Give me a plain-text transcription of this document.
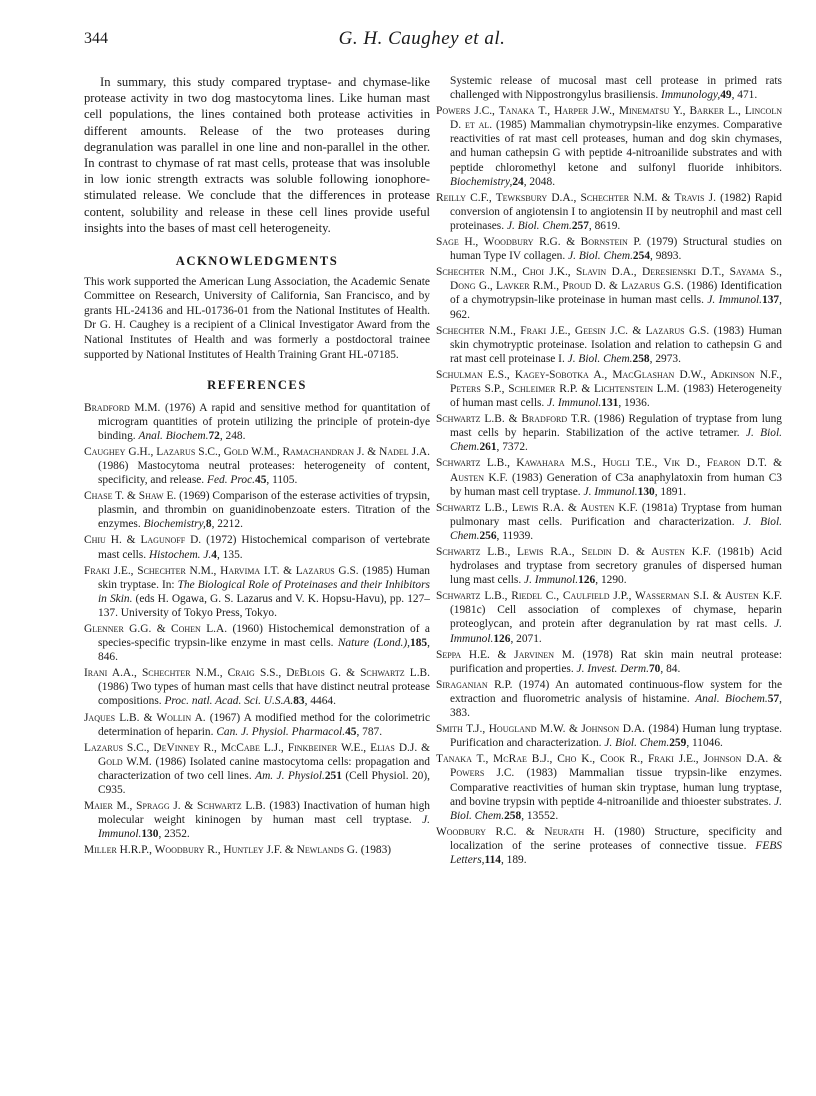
344	G. H. Caughey et al.

In summary, this study compared tryptase- and chymase-like protease activity in two dog mastocytoma lines. Like human mast cell populations, the lines contained both protease activities in different amounts. Release of the two proteases during degranulation was parallel in one line and non-parallel in the other. In contrast to chymase of rat mast cells, protease that was insoluble in low ionic strength extracts was soluble following ionophore-stimulated release. We conclude that the differences in protease content, solubility and release in these cell lines provide useful insights into the bases of mast cell heterogeneity.

ACKNOWLEDGMENTS

This work supported the American Lung Association, the Academic Senate Committee on Research, University of California, San Francisco, and by grants HL-24136 and HL-01736-01 from the National Institutes of Health. Dr G. H. Caughey is a recipient of a Clinical Investigator Award from the National Institutes of Health and was formerly a postdoctoral trainee supported by National Institutes of Health Training Grant HL-07185.

REFERENCES

Bradford M.M. (1976) A rapid and sensitive method for quantitation of microgram quantities of protein utilizing the principle of protein-dye binding. Anal. Biochem.72, 248.

Caughey G.H., Lazarus S.C., Gold W.M., Ramachandran J. & Nadel J.A. (1986) Mastocytoma neutral proteases: heterogeneity of content, specificity, and release. Fed. Proc.45, 1105.

Chase T. & Shaw E. (1969) Comparison of the esterase activities of trypsin, plasmin, and thrombin on guanidinobenzoate esters. Titration of the enzymes. Biochemistry,8, 2212.

Chiu H. & Lagunoff D. (1972) Histochemical comparison of vertebrate mast cells. Histochem. J.4, 135.

Fraki J.E., Schechter N.M., Harvima I.T. & Lazarus G.S. (1985) Human skin tryptase. In: The Biological Role of Proteinases and their Inhibitors in Skin. (eds H. Ogawa, G. S. Lazarus and V. K. Hopsu-Havu), pp. 127–137. University of Tokyo Press, Tokyo.

Glenner G.G. & Cohen L.A. (1960) Histochemical demonstration of a species-specific trypsin-like enzyme in mast cells. Nature (Lond.),185, 846.

Irani A.A., Schechter N.M., Craig S.S., DeBlois G. & Schwartz L.B. (1986) Two types of human mast cells that have distinct neutral protease compositions. Proc. natl. Acad. Sci. U.S.A.83, 4464.

Jaques L.B. & Wollin A. (1967) A modified method for the colorimetric determination of heparin. Can. J. Physiol. Pharmacol.45, 787.

Lazarus S.C., DeVinney R., McCabe L.J., Finkbeiner W.E., Elias D.J. & Gold W.M. (1986) Isolated canine mastocytoma cells: propagation and characterization of two cell lines. Am. J. Physiol.251 (Cell Physiol. 20), C935.

Maier M., Spragg J. & Schwartz L.B. (1983) Inactivation of human high molecular weight kininogen by human mast cell tryptase. J. Immunol.130, 2352.

Miller H.R.P., Woodbury R., Huntley J.F. & Newlands G. (1983)

Systemic release of mucosal mast cell protease in primed rats challenged with Nippostrongylus brasiliensis. Immunology,49, 471.

Powers J.C., Tanaka T., Harper J.W., Minematsu Y., Barker L., Lincoln D. et al. (1985) Mammalian chymotrypsin-like enzymes. Comparative reactivities of rat mast cell proteases, human and dog skin chymases, and human cathepsin G with peptide 4-nitroanilide substrates and with peptide chloromethyl ketone and sulfonyl fluoride inhibitors. Biochemistry,24, 2048.

Reilly C.F., Tewksbury D.A., Schechter N.M. & Travis J. (1982) Rapid conversion of angiotensin I to angiotensin II by neutrophil and mast cell proteinases. J. Biol. Chem.257, 8619.

Sage H., Woodbury R.G. & Bornstein P. (1979) Structural studies on human Type IV collagen. J. Biol. Chem.254, 9893.

Schechter N.M., Choi J.K., Slavin D.A., Deresienski D.T., Sayama S., Dong G., Lavker R.M., Proud D. & Lazarus G.S. (1986) Identification of a chymotrypsin-like proteinase in human mast cells. J. Immunol.137, 962.

Schechter N.M., Fraki J.E., Geesin J.C. & Lazarus G.S. (1983) Human skin chymotryptic proteinase. Isolation and relation to cathepsin G and rat mast cell proteinase I. J. Biol. Chem.258, 2973.

Schulman E.S., Kagey-Sobotka A., MacGlashan D.W., Adkinson N.F., Peters S.P., Schleimer R.P. & Lichtenstein L.M. (1983) Heterogeneity of human mast cells. J. Immunol.131, 1936.

Schwartz L.B. & Bradford T.R. (1986) Regulation of tryptase from lung mast cells by heparin. Stabilization of the active tetramer. J. Biol. Chem.261, 7372.

Schwartz L.B., Kawahara M.S., Hugli T.E., Vik D., Fearon D.T. & Austen K.F. (1983) Generation of C3a anaphylatoxin from human C3 by human mast cell tryptase. J. Immunol.130, 1891.

Schwartz L.B., Lewis R.A. & Austen K.F. (1981a) Tryptase from human pulmonary mast cells. Purification and characterization. J. Biol. Chem.256, 11939.

Schwartz L.B., Lewis R.A., Seldin D. & Austen K.F. (1981b) Acid hydrolases and tryptase from secretory granules of dispersed human lung mast cells. J. Immunol.126, 1290.

Schwartz L.B., Riedel C., Caulfield J.P., Wasserman S.I. & Austen K.F. (1981c) Cell association of complexes of chymase, heparin proteoglycan, and protein after degranulation by rat mast cells. J. Immunol.126, 2071.

Seppa H.E. & Jarvinen M. (1978) Rat skin main neutral protease: purification and properties. J. Invest. Derm.70, 84.

Siraganian R.P. (1974) An automated continuous-flow system for the extraction and fluorometric analysis of histamine. Anal. Biochem.57, 383.

Smith T.J., Hougland M.W. & Johnson D.A. (1984) Human lung tryptase. Purification and characterization. J. Biol. Chem.259, 11046.

Tanaka T., McRae B.J., Cho K., Cook R., Fraki J.E., Johnson D.A. & Powers J.C. (1983) Mammalian tissue trypsin-like enzymes. Comparative reactivities of human skin tryptase, human lung tryptase, and bovine trypsin with peptide 4-nitroanilide and thioester substrates. J. Biol. Chem.258, 13552.

Woodbury R.C. & Neurath H. (1980) Structure, specificity and localization of the serine proteases of connective tissue. FEBS Letters,114, 189.
